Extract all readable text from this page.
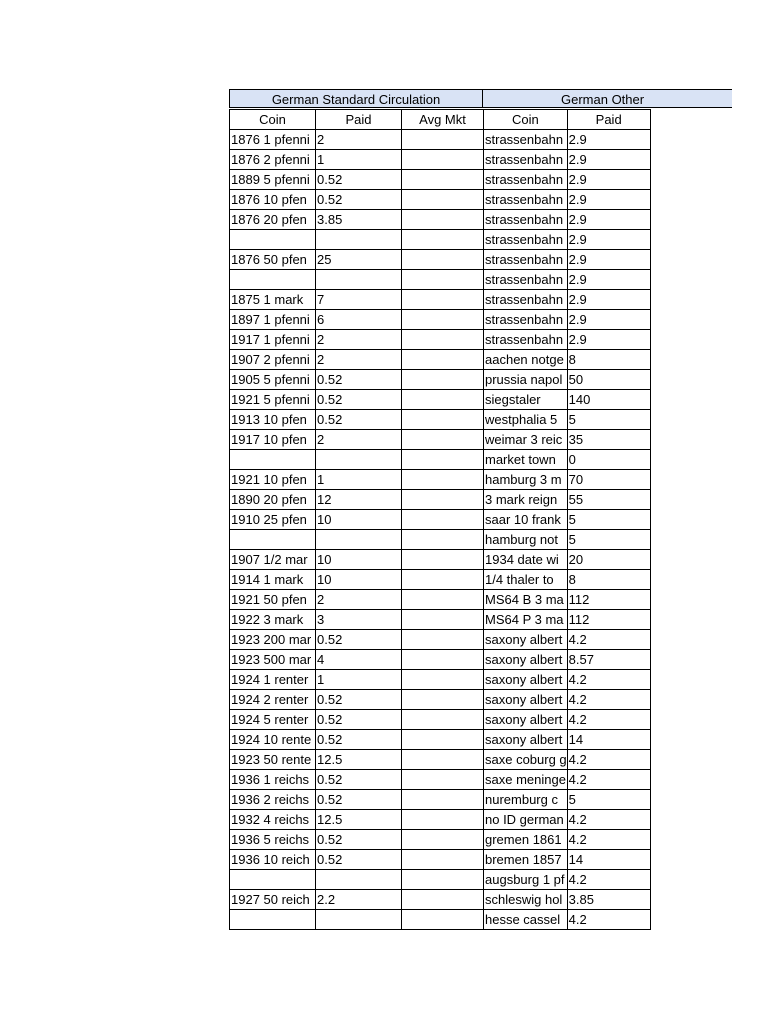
German Standard Circulation	German Other
Coin	Paid	Avg Mkt	Coin	Paid
1876 1 pfenni	2		strassenbahn	2.9
1876 2 pfenni	1		strassenbahn	2.9
1889 5 pfenni	0.52		strassenbahn	2.9
1876 10 pfen	0.52		strassenbahn	2.9
1876 20 pfen	3.85		strassenbahn	2.9
			strassenbahn	2.9
1876 50 pfen	25		strassenbahn	2.9
			strassenbahn	2.9
1875 1 mark	7		strassenbahn	2.9
1897 1 pfenni	6		strassenbahn	2.9
1917 1 pfenni	2		strassenbahn	2.9
1907 2 pfenni	2		aachen notge	8
1905 5 pfenni	0.52		prussia napol	50
1921 5 pfenni	0.52		siegstaler	140
1913 10 pfen	0.52		westphalia 5	5
1917 10 pfen	2		weimar 3 reic	35
			market town	0
1921 10 pfen	1		hamburg 3 m	70
1890 20 pfen	12		3 mark reign	55
1910 25 pfen	10		saar 10 frank	5
			hamburg not	5
1907 1/2 mar	10		1934 date wi	20
1914 1 mark	10		1/4 thaler to	8
1921 50 pfen	2		MS64 B 3 ma	112
1922 3 mark	3		MS64 P 3 ma	112
1923 200 mar	0.52		saxony albert	4.2
1923 500 mar	4		saxony albert	8.57
1924 1 renter	1		saxony albert	4.2
1924 2 renter	0.52		saxony albert	4.2
1924 5 renter	0.52		saxony albert	4.2
1924 10 rente	0.52		saxony albert	14
1923 50 rente	12.5		saxe coburg g	4.2
1936 1 reichs	0.52		saxe meninge	4.2
1936 2 reichs	0.52		nuremburg c	5
1932 4 reichs	12.5		no ID german	4.2
1936 5 reichs	0.52		gremen 1861	4.2
1936 10 reich	0.52		bremen 1857	14
			augsburg 1 pf	4.2
1927 50 reich	2.2		schleswig hol	3.85
			hesse cassel	4.2
